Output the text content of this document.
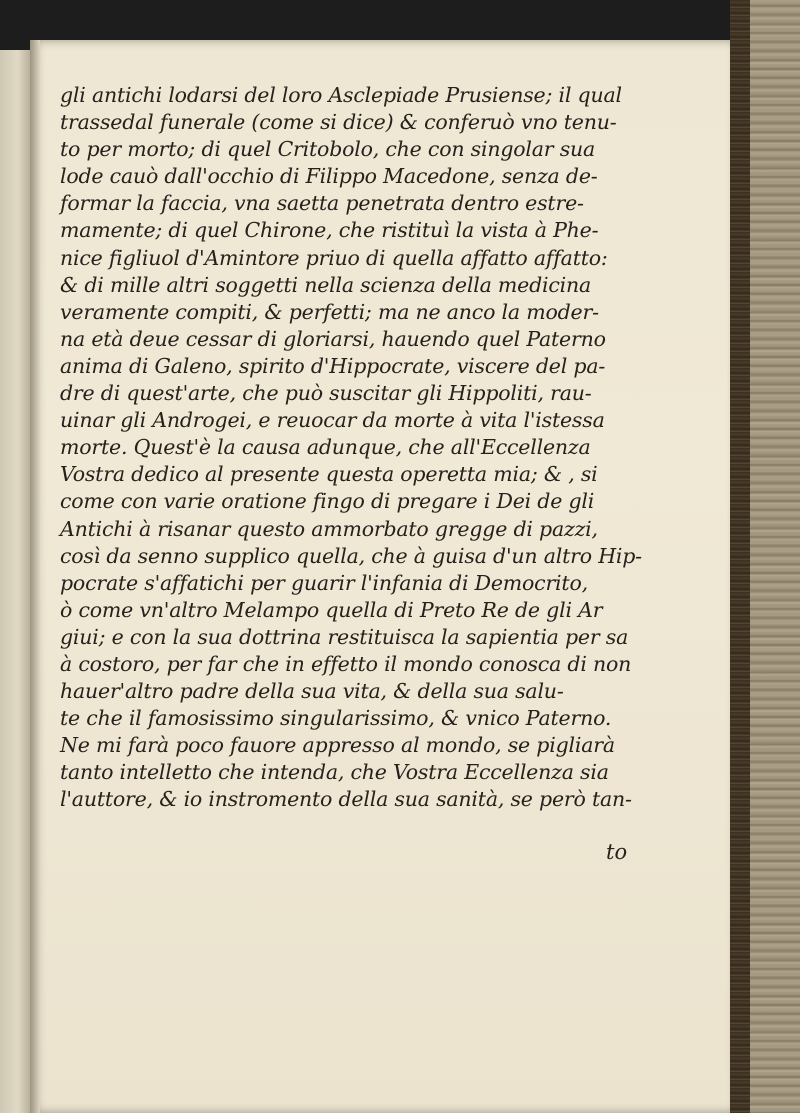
gli antichi lodarsi del loro Asclepiade Prusiense; il qual
trassedal funerale (come si dice) & conferuò vno tenu-
to per morto; di quel Critobolo, che con singolar sua
lode cauò dall'occhio di Filippo Macedone, senza de-
formar la faccia, vna saetta penetrata dentro estre-
mamente; di quel Chirone, che ristituì la vista à Phe-
nice figliuol d'Amintore priuo di quella affatto affatto:
& di mille altri soggetti nella scienza della medicina
veramente compiti, & perfetti; ma ne anco la moder-
na età deue cessar di gloriarsi, hauendo quel Paterno
anima di Galeno, spirito d'Hippocrate, viscere del pa-
dre di quest'arte, che può suscitar gli Hippoliti, rau-
uinar gli Androgei, e reuocar da morte à vita l'istessa
morte. Quest'è la causa adunque, che all'Eccellenza
Vostra dedico al presente questa operetta mia; & , si
come con varie oratione fingo di pregare i Dei de gli
Antichi à risanar questo ammorbato gregge di pazzi,
così da senno supplico quella, che à guisa d'un altro Hip-
pocrate s'affatichi per guarir l'infania di Democrito,
ò come vn'altro Melampo quella di Preto Re de gli Ar
giui; e con la sua dottrina restituisca la sapientia per sa
à costoro, per far che in effetto il mondo conosca di non
hauer'altro padre della sua vita, & della sua salu-
te che il famosissimo singularissimo, & vnico Paterno.
Ne mi farà poco fauore appresso al mondo, se pigliarà
tanto intelletto che intenda, che Vostra Eccellenza sia
l'auttore, & io instromento della sua sanità, se però tan-
to
